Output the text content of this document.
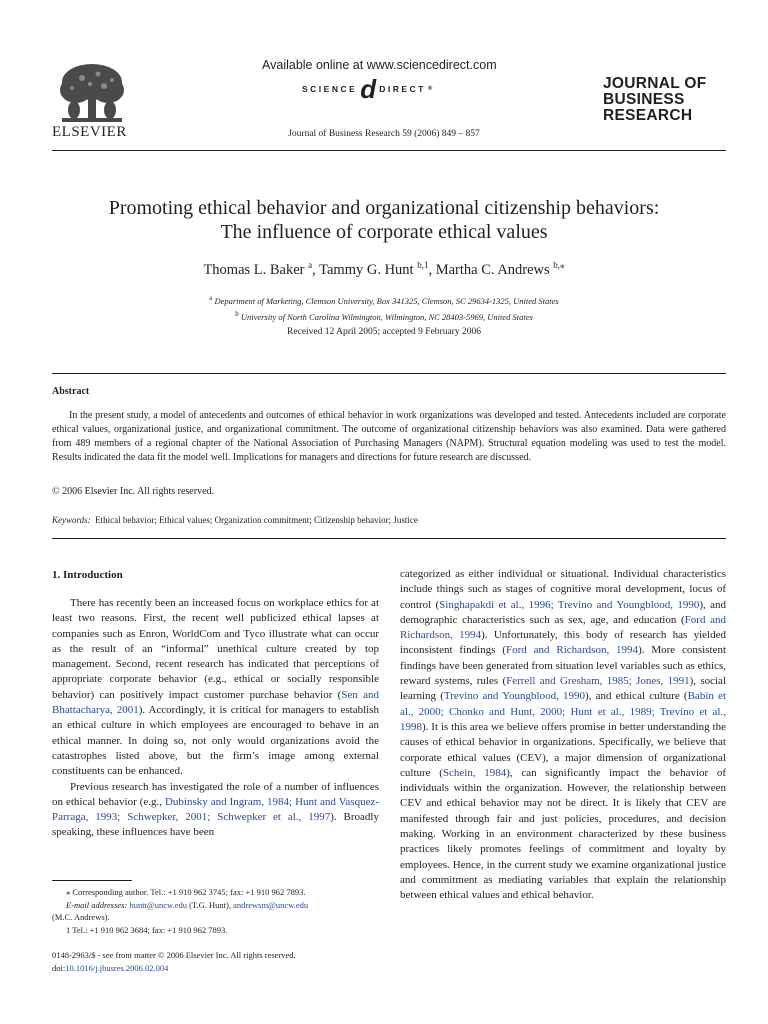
ELSEVIER
Available online at www.sciencedirect.com
SCIENCE d DIRECT ®
Journal of Business Research 59 (2006) 849 – 857
JOURNAL OF
BUSINESS
RESEARCH
Promoting ethical behavior and organizational citizenship behaviors:
The influence of corporate ethical values
Thomas L. Baker $^a$, Tammy G. Hunt $^{b,1}$, Martha C. Andrews $^{b,⁎}$
$^a$ Department of Marketing, Clemson University, Box 341325, Clemson, SC 29634-1325, United States
$^b$ University of North Carolina Wilmington, Wilmington, NC 28403-5969, United States
Received 12 April 2005; accepted 9 February 2006
Abstract

In the present study, a model of antecedents and outcomes of ethical behavior in work organizations was developed and tested. Antecedents included are corporate ethical values, organizational justice, and organizational commitment. The outcome of organizational citizenship behaviors was also examined. Data were gathered from 489 members of a regional chapter of the National Association of Purchasing Managers (NAPM). Structural equation modeling was used to test the model. Results indicated the data fit the model well. Implications for managers and directions for future research are discussed.

© 2006 Elsevier Inc. All rights reserved.
Keywords: Ethical behavior; Ethical values; Organization commitment; Citizenship behavior; Justice
1. Introduction

There has recently been an increased focus on workplace ethics for at least two reasons. First, the recent well publicized ethical lapses at companies such as Enron, WorldCom and Tyco illustrate what can occur as the result of an “informal” unethical culture created by top management. Second, recent research has indicated that perceptions of appropriate corporate behavior (e.g., ethical or socially responsible behavior) can positively impact customer purchase behavior (Sen and Bhattacharya, 2001). Accordingly, it is critical for managers to establish an ethical culture in which employees are encouraged to behave in an ethical manner. In doing so, not only would organizations avoid the catastrophes listed above, but the firm’s image among external constituents can be enhanced.

Previous research has investigated the role of a number of influences on ethical behavior (e.g., Dubinsky and Ingram, 1984; Hunt and Vasquez-Parraga, 1993; Schwepker, 2001; Schwepker et al., 1997). Broadly speaking, these influences have been

categorized as either individual or situational. Individual characteristics include things such as stages of cognitive moral development, locus of control (Singhapakdi et al., 1996; Trevino and Youngblood, 1990), and demographic characteristics such as sex, age, and education (Ford and Richardson, 1994). Unfortunately, this body of research has yielded inconsistent findings (Ford and Richardson, 1994). More consistent findings have been generated from situation level variables such as ethics, reward systems, rules (Ferrell and Gresham, 1985; Jones, 1991), social learning (Trevino and Youngblood, 1990), and ethical culture (Babin et al., 2000; Chonko and Hunt, 2000; Hunt et al., 1989; Trevino et al., 1998). It is this area we believe offers promise in better understanding the causes of ethical behavior in organizations. Specifically, we believe that corporate ethical values (CEV), a major dimension of organizational culture (Schein, 1984), can significantly impact the behavior of individuals within the organization. However, the relationship between CEV and ethical behavior may not be direct. It is likely that CEV are manifested through fair and just policies, procedures, and decision making. Working in an environment characterized by these business practices likely promotes feelings of commitment and loyalty by employees. Hence, in the current study we examine organizational justice and commitment as mediating variables that explain the relationship between ethical values and ethical behavior.

⁎ Corresponding author. Tel.: +1 910 962 3745; fax: +1 910 962 7893.
E-mail addresses: huntt@uncw.edu (T.G. Hunt), andrewsm@uncw.edu
(M.C. Andrews).
1 Tel.: +1 910 962 3684; fax: +1 910 962 7893.
0148-2963/$ - see front matter © 2006 Elsevier Inc. All rights reserved.
doi:10.1016/j.jbusres.2006.02.004
